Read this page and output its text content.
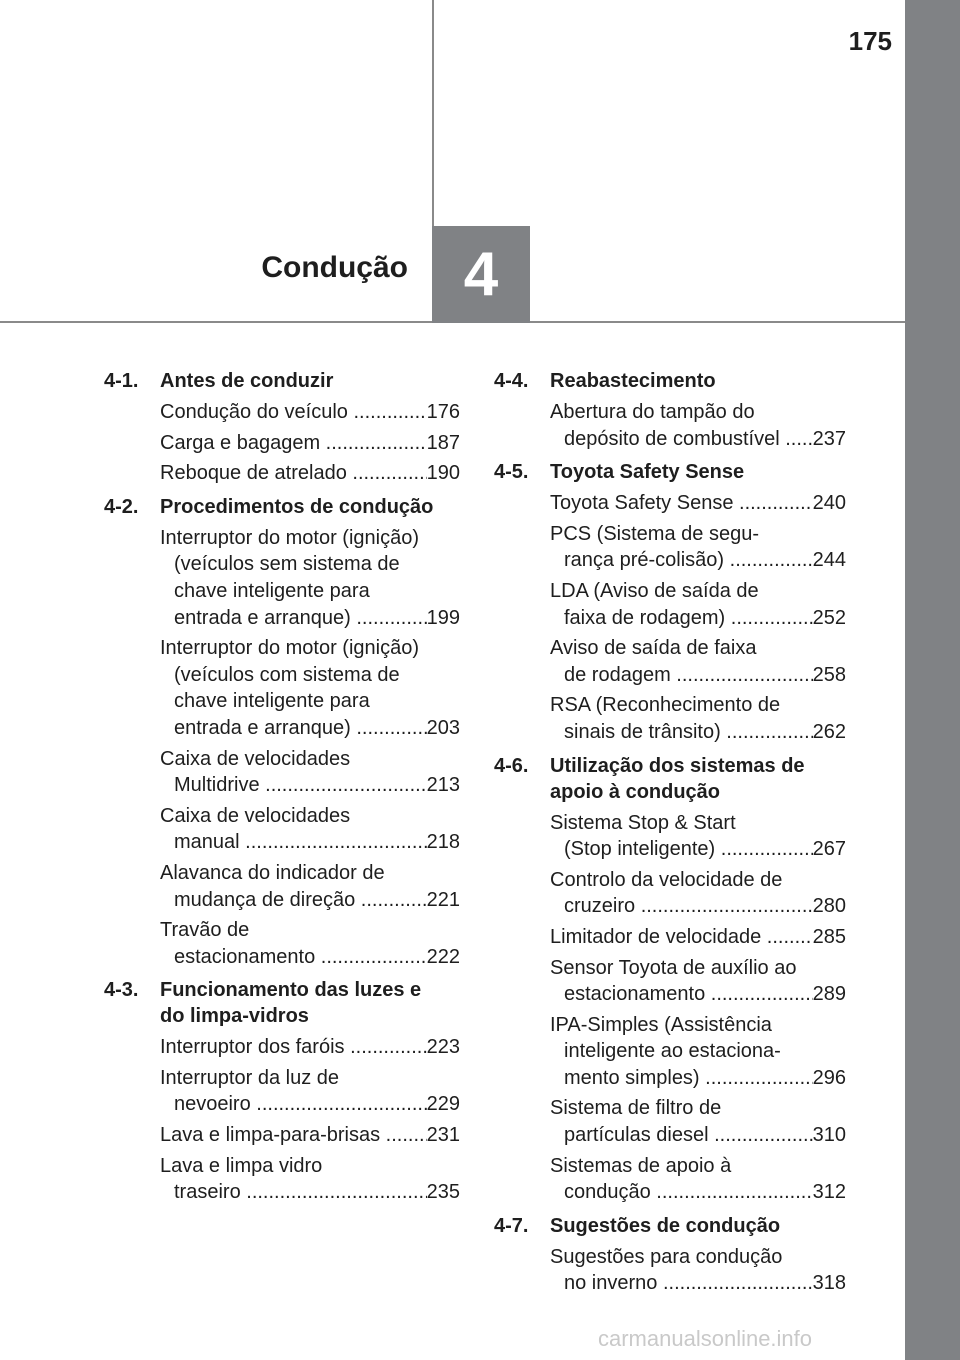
175
4
Condução
4-1.	Antes de conduzir
Condução do veículo .....	176
Carga e bagagem .....	187
Reboque de atrelado .....	190
4-2.	Procedimentos de condução
Interruptor do motor (ignição)
(veículos sem sistema de
chave inteligente para
entrada e arranque) .....	199
Interruptor do motor (ignição)
(veículos com sistema de
chave inteligente para
entrada e arranque) .....	203
Caixa de velocidades
Multidrive .....	213
Caixa de velocidades
manual .....	218
Alavanca do indicador de
mudança de direção .....	221
Travão de
estacionamento .....	222
4-3.	Funcionamento das luzes e
do limpa-vidros
Interruptor dos faróis .....	223
Interruptor da luz de
nevoeiro .....	229
Lava e limpa-para-brisas .....	231
Lava e limpa vidro
traseiro .....	235
4-4.	Reabastecimento
Abertura do tampão do
depósito de combustível .....	237
4-5.	Toyota Safety Sense
Toyota Safety Sense .....	240
PCS (Sistema de segu-
rança pré-colisão) .....	244
LDA (Aviso de saída de
faixa de rodagem) .....	252
Aviso de saída de faixa
de rodagem .....	258
RSA (Reconhecimento de
sinais de trânsito) .....	262
4-6.	Utilização dos sistemas de
apoio à condução
Sistema Stop & Start
(Stop inteligente) .....	267
Controlo da velocidade de
cruzeiro .....	280
Limitador de velocidade .....	285
Sensor Toyota de auxílio ao
estacionamento .....	289
IPA-Simples (Assistência
inteligente ao estaciona-
mento simples) .....	296
Sistema de filtro de
partículas diesel .....	310
Sistemas de apoio à
condução .....	312
4-7.	Sugestões de condução
Sugestões para condução
no inverno .....	318
carmanualsonline.info
